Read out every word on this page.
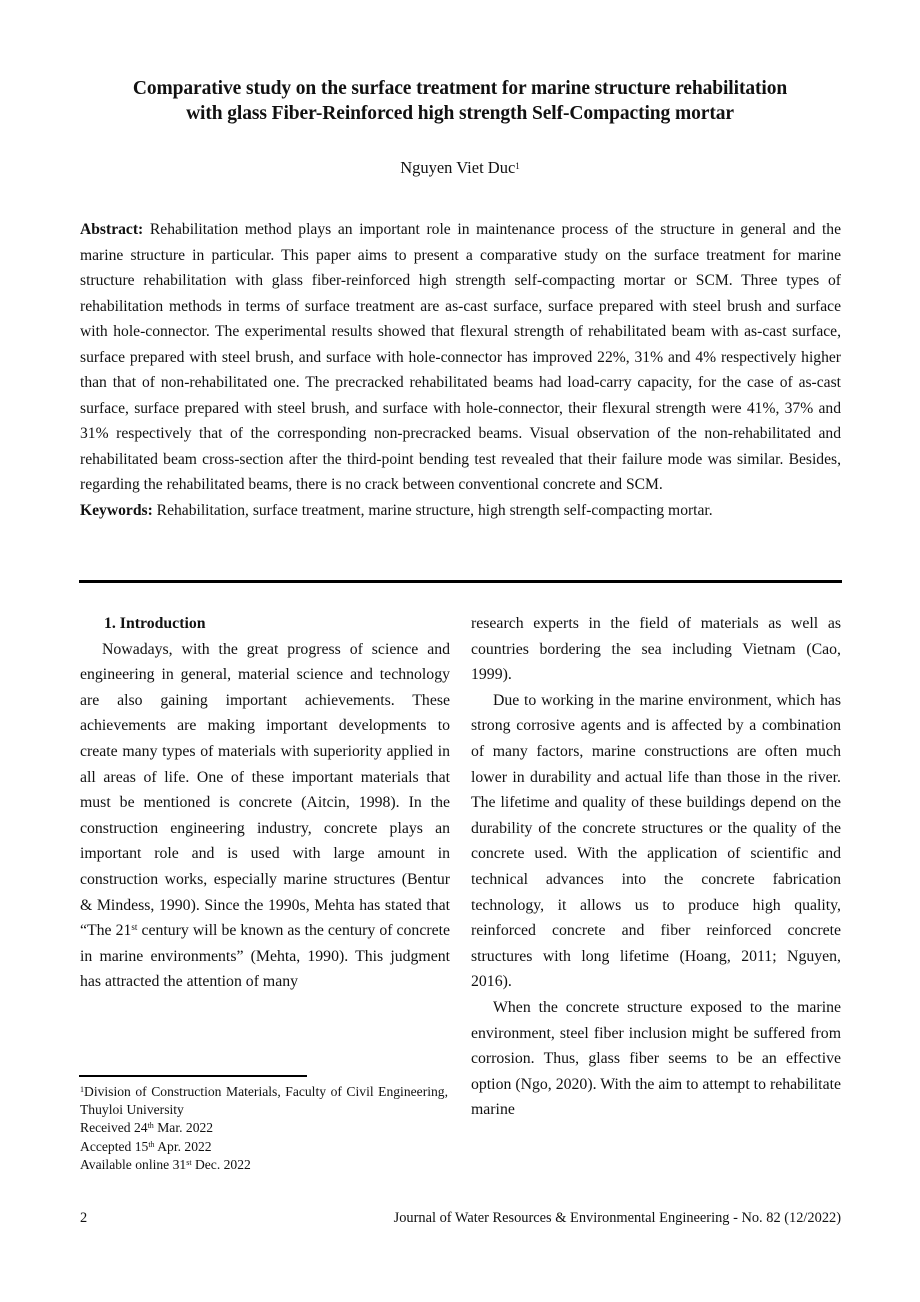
Comparative study on the surface treatment for marine structure rehabilitation
with glass Fiber-Reinforced high strength Self-Compacting mortar
Nguyen Viet Duc$^1$

Abstract: Rehabilitation method plays an important role in maintenance process of the structure in general and the marine structure in particular. This paper aims to present a comparative study on the surface treatment for marine structure rehabilitation with glass fiber-reinforced high strength self-compacting mortar or SCM. Three types of rehabilitation methods in terms of surface treatment are as-cast surface, surface prepared with steel brush and surface with hole-connector. The experimental results showed that flexural strength of rehabilitated beam with as-cast surface, surface prepared with steel brush, and surface with hole-connector has improved 22%, 31% and 4% respectively higher than that of non-rehabilitated one. The precracked rehabilitated beams had load-carry capacity, for the case of as-cast surface, surface prepared with steel brush, and surface with hole-connector, their flexural strength were 41%, 37% and 31% respectively that of the corresponding non-precracked beams. Visual observation of the non-rehabilitated and rehabilitated beam cross-section after the third-point bending test revealed that their failure mode was similar. Besides, regarding the rehabilitated beams, there is no crack between conventional concrete and SCM.

Keywords: Rehabilitation, surface treatment, marine structure, high strength self-compacting mortar.

1. Introduction

Nowadays, with the great progress of science and engineering in general, material science and technology are also gaining important achievements. These achievements are making important developments to create many types of materials with superiority applied in all areas of life. One of these important materials that must be mentioned is concrete (Aitcin, 1998). In the construction engineering industry, concrete plays an important role and is used with large amount in construction works, especially marine structures (Bentur & Mindess, 1990). Since the 1990s, Mehta has stated that “The 21st century will be known as the century of concrete in marine environments” (Mehta, 1990). This judgment has attracted the attention of many

$^1$Division of Construction Materials, Faculty of Civil Engineering, Thuyloi University
Received 24th Mar. 2022
Accepted 15th Apr. 2022
Available online 31st Dec. 2022

research experts in the field of materials as well as countries bordering the sea including Vietnam (Cao, 1999).

Due to working in the marine environment, which has strong corrosive agents and is affected by a combination of many factors, marine constructions are often much lower in durability and actual life than those in the river. The lifetime and quality of these buildings depend on the durability of the concrete structures or the quality of the concrete used. With the application of scientific and technical advances into the concrete fabrication technology, it allows us to produce high quality, reinforced concrete and fiber reinforced concrete structures with long lifetime (Hoang, 2011; Nguyen, 2016).

When the concrete structure exposed to the marine environment, steel fiber inclusion might be suffered from corrosion. Thus, glass fiber seems to be an effective option (Ngo, 2020). With the aim to attempt to rehabilitate marine

2	Journal of Water Resources & Environmental Engineering - No. 82 (12/2022)
